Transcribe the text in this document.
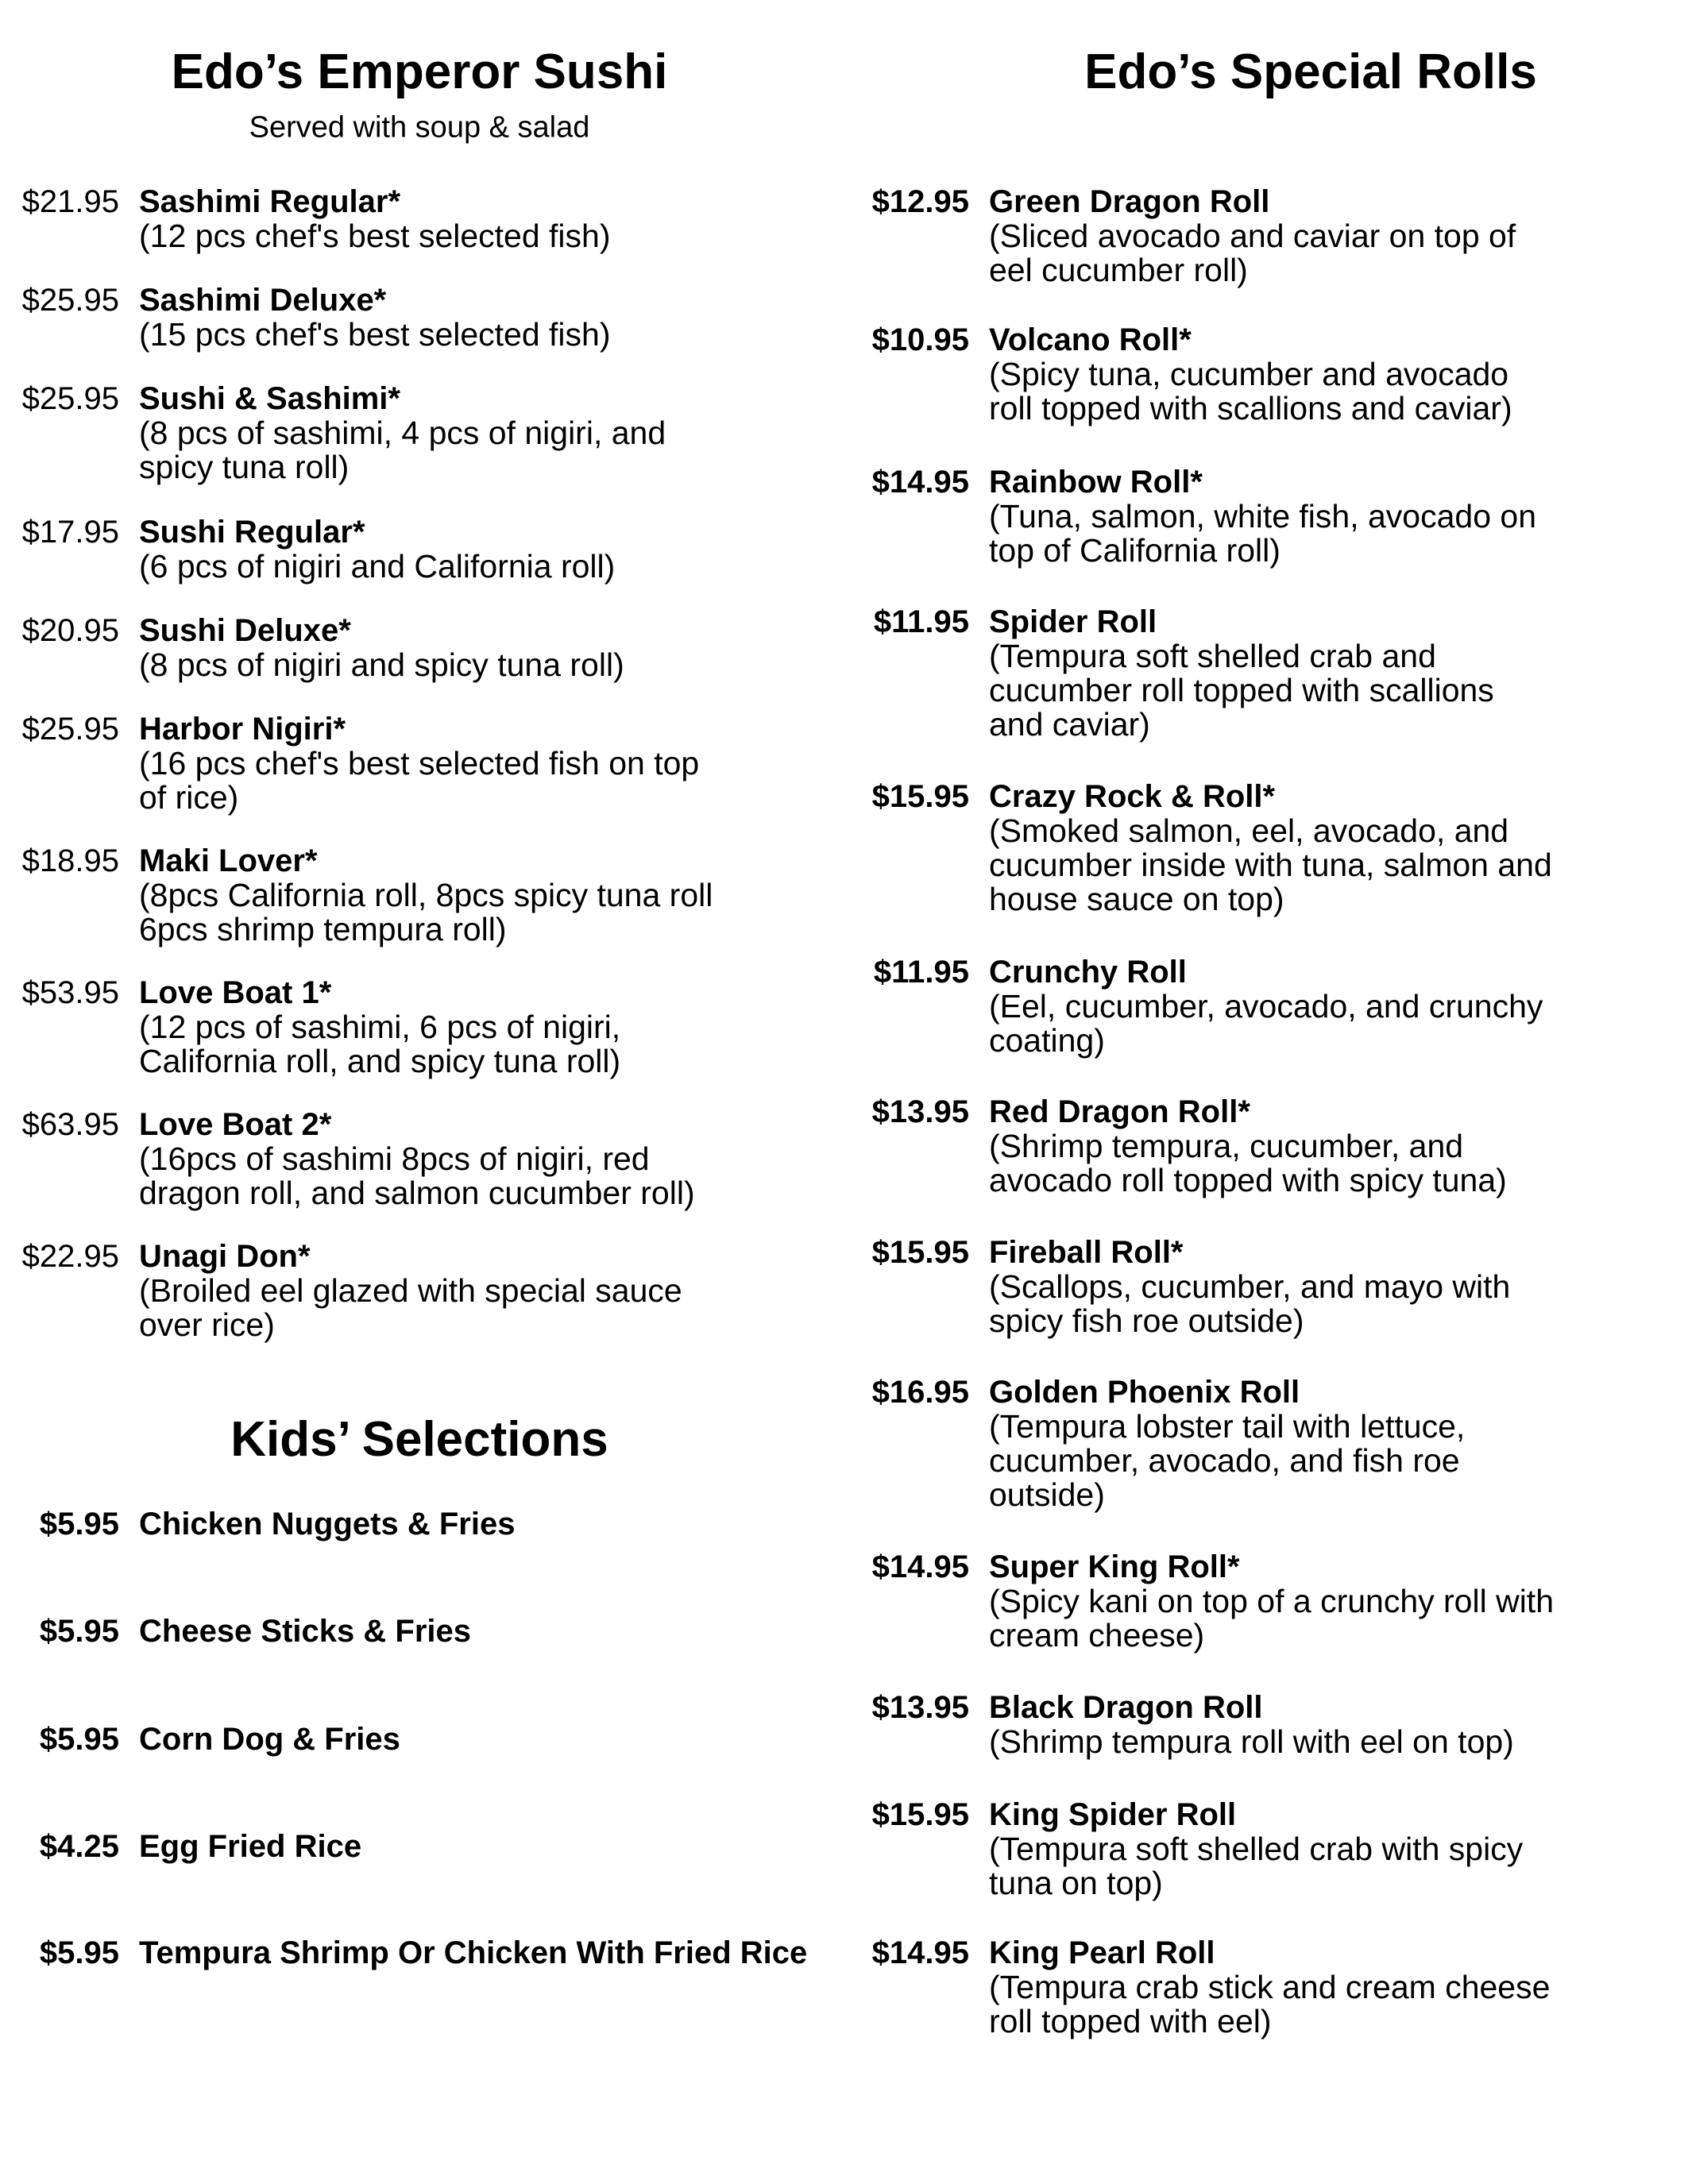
Edo’s Emperor Sushi
Served with soup & salad
Edo’s Special Rolls
Kids’ Selections
$21.95 Sashimi Regular*
(12 pcs chef's best selected fish)
$25.95 Sashimi Deluxe*
(15 pcs chef's best selected fish)
$25.95 Sushi & Sashimi*
(8 pcs of sashimi, 4 pcs of nigiri, and
spicy tuna roll)
$17.95 Sushi Regular*
(6 pcs of nigiri and California roll)
$20.95 Sushi Deluxe*
(8 pcs of nigiri and spicy tuna roll)
$25.95 Harbor Nigiri*
(16 pcs chef's best selected fish on top
of rice)
$18.95 Maki Lover*
(8pcs California roll, 8pcs spicy tuna roll
6pcs shrimp tempura roll)
$53.95 Love Boat 1*
(12 pcs of sashimi, 6 pcs of nigiri,
California roll, and spicy tuna roll)
$63.95 Love Boat 2*
(16pcs of sashimi 8pcs of nigiri, red
dragon roll, and salmon cucumber roll)
$22.95 Unagi Don*
(Broiled eel glazed with special sauce
over rice)
$12.95 Green Dragon Roll
(Sliced avocado and caviar on top of
eel cucumber roll)
$10.95 Volcano Roll*
(Spicy tuna, cucumber and avocado
roll topped with scallions and caviar)
$14.95 Rainbow Roll*
(Tuna, salmon, white fish, avocado on
top of California roll)
$11.95 Spider Roll
(Tempura soft shelled crab and
cucumber roll topped with scallions
and caviar)
$15.95 Crazy Rock & Roll*
(Smoked salmon, eel, avocado, and
cucumber inside with tuna, salmon and
house sauce on top)
$11.95 Crunchy Roll
(Eel, cucumber, avocado, and crunchy
coating)
$13.95 Red Dragon Roll*
(Shrimp tempura, cucumber, and
avocado roll topped with spicy tuna)
$15.95 Fireball Roll*
(Scallops, cucumber, and mayo with
spicy fish roe outside)
$16.95 Golden Phoenix Roll
(Tempura lobster tail with lettuce,
cucumber, avocado, and fish roe
outside)
$14.95 Super King Roll*
(Spicy kani on top of a crunchy roll with
cream cheese)
$13.95 Black Dragon Roll
(Shrimp tempura roll with eel on top)
$15.95 King Spider Roll
(Tempura soft shelled crab with spicy
tuna on top)
$14.95 King Pearl Roll
(Tempura crab stick and cream cheese
roll topped with eel)
$5.95 Chicken Nuggets & Fries
$5.95 Cheese Sticks & Fries
$5.95 Corn Dog & Fries
$4.25 Egg Fried Rice
$5.95 Tempura Shrimp Or Chicken With Fried Rice
